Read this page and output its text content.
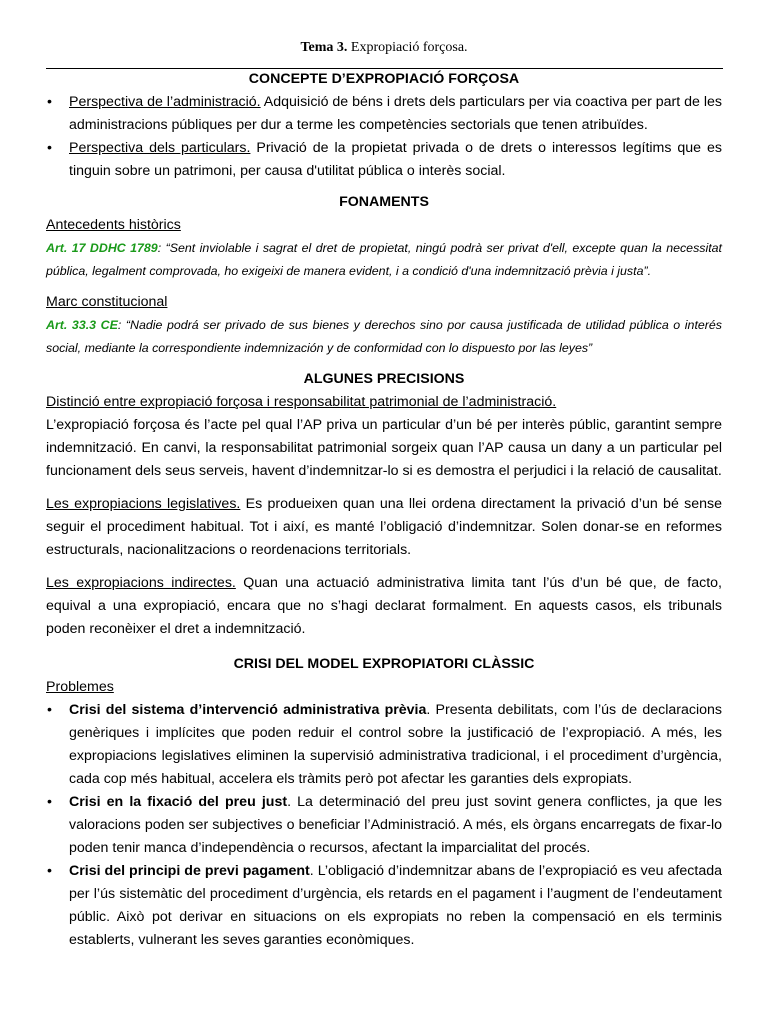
Tema 3. Expropiació forçosa.
CONCEPTE D’EXPROPIACIÓ FORÇOSA
• Perspectiva de l’administració. Adquisició de béns i drets dels particulars per via coactiva per part de les administracions públiques per dur a terme les competències sectorials que tenen atribuïdes.
• Perspectiva dels particulars. Privació de la propietat privada o de drets o interessos legítims que es tinguin sobre un patrimoni, per causa d'utilitat pública o interès social.
FONAMENTS

Antecedents històrics

Art. 17 DDHC 1789: “Sent inviolable i sagrat el dret de propietat, ningú podrà ser privat d'ell, excepte quan la necessitat pública, legalment comprovada, ho exigeixi de manera evident, i a condició d'una indemnització prèvia i justa”.

Marc constitucional

Art. 33.3 CE: “Nadie podrá ser privado de sus bienes y derechos sino por causa justificada de utilidad pública o interés social, mediante la correspondiente indemnización y de conformidad con lo dispuesto por las leyes”

ALGUNES PRECISIONS

Distinció entre expropiació forçosa i responsabilitat patrimonial de l’administració.

L’expropiació forçosa és l’acte pel qual l’AP priva un particular d’un bé per interès públic, garantint sempre indemnització. En canvi, la responsabilitat patrimonial sorgeix quan l’AP causa un dany a un particular pel funcionament dels seus serveis, havent d’indemnitzar-lo si es demostra el perjudici i la relació de causalitat.

Les expropiacions legislatives. Es produeixen quan una llei ordena directament la privació d’un bé sense seguir el procediment habitual. Tot i així, es manté l’obligació d’indemnitzar. Solen donar-se en reformes estructurals, nacionalitzacions o reordenacions territorials.

Les expropiacions indirectes. Quan una actuació administrativa limita tant l’ús d’un bé que, de facto, equival a una expropiació, encara que no s’hagi declarat formalment. En aquests casos, els tribunals poden reconèixer el dret a indemnització.

CRISI DEL MODEL EXPROPIATORI CLÀSSIC

Problemes

• Crisi del sistema d’intervenció administrativa prèvia. Presenta debilitats, com l’ús de declaracions genèriques i implícites que poden reduir el control sobre la justificació de l’expropiació. A més, les expropiacions legislatives eliminen la supervisió administrativa tradicional, i el procediment d’urgència, cada cop més habitual, accelera els tràmits però pot afectar les garanties dels expropiats.
• Crisi en la fixació del preu just. La determinació del preu just sovint genera conflictes, ja que les valoracions poden ser subjectives o beneficiar l’Administració. A més, els òrgans encarregats de fixar-lo poden tenir manca d’independència o recursos, afectant la imparcialitat del procés.
• Crisi del principi de previ pagament. L’obligació d’indemnitzar abans de l’expropiació es veu afectada per l’ús sistemàtic del procediment d’urgència, els retards en el pagament i l’augment de l’endeutament públic. Això pot derivar en situacions on els expropiats no reben la compensació en els terminis establerts, vulnerant les seves garanties econòmiques.
